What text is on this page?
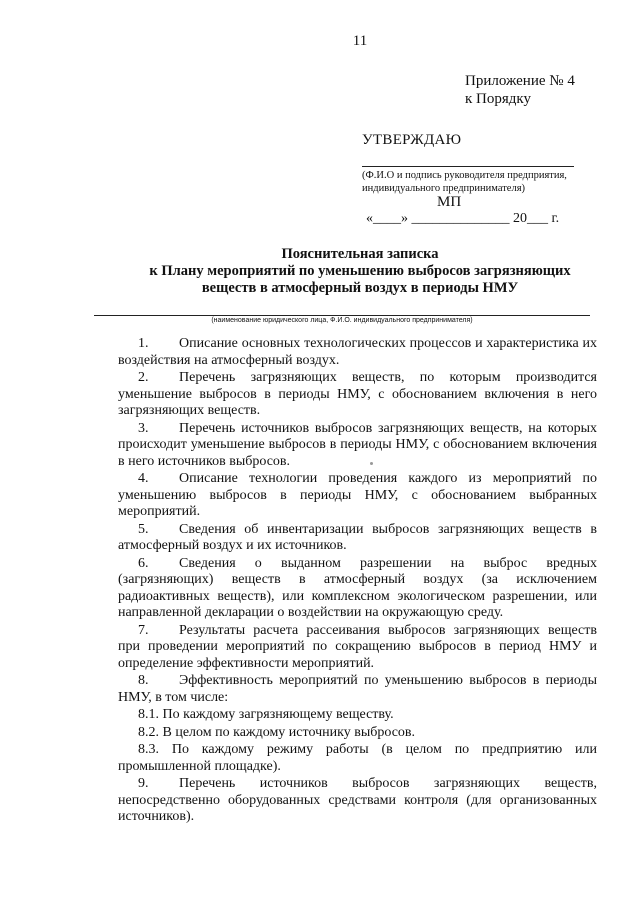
11
Приложение № 4
к Порядку
УТВЕРЖДАЮ
(Ф.И.О и подпись руководителя предприятия, индивидуального предпринимателя)
МП
«____» ______________ 20___ г.
Пояснительная записка
к Плану мероприятий по уменьшению выбросов загрязняющих
веществ в атмосферный воздух в периоды НМУ
(наименование юридического лица, Ф.И.О. индивидуального предпринимателя)

1. Описание основных технологических процессов и характеристика их воздействия на атмосферный воздух.

2. Перечень загрязняющих веществ, по которым производится уменьшение выбросов в периоды НМУ, с обоснованием включения в него загрязняющих веществ.

3. Перечень источников выбросов загрязняющих веществ, на которых происходит уменьшение выбросов в периоды НМУ, с обоснованием включения в него источников выбросов.

4. Описание технологии проведения каждого из мероприятий по уменьшению выбросов в периоды НМУ, с обоснованием выбранных мероприятий.

5. Сведения об инвентаризации выбросов загрязняющих веществ в атмосферный воздух и их источников.

6. Сведения о выданном разрешении на выброс вредных (загрязняющих) веществ в атмосферный воздух (за исключением радиоактивных веществ), или комплексном экологическом разрешении, или направленной декларации о воздействии на окружающую среду.

7. Результаты расчета рассеивания выбросов загрязняющих веществ при проведении мероприятий по сокращению выбросов в период НМУ и определение эффективности мероприятий.

8. Эффективность мероприятий по уменьшению выбросов в периоды НМУ, в том числе:

8.1. По каждому загрязняющему веществу.

8.2. В целом по каждому источнику выбросов.

8.3. По каждому режиму работы (в целом по предприятию или промышленной площадке).

9. Перечень источников выбросов загрязняющих веществ, непосредственно оборудованных средствами контроля (для организованных источников).
